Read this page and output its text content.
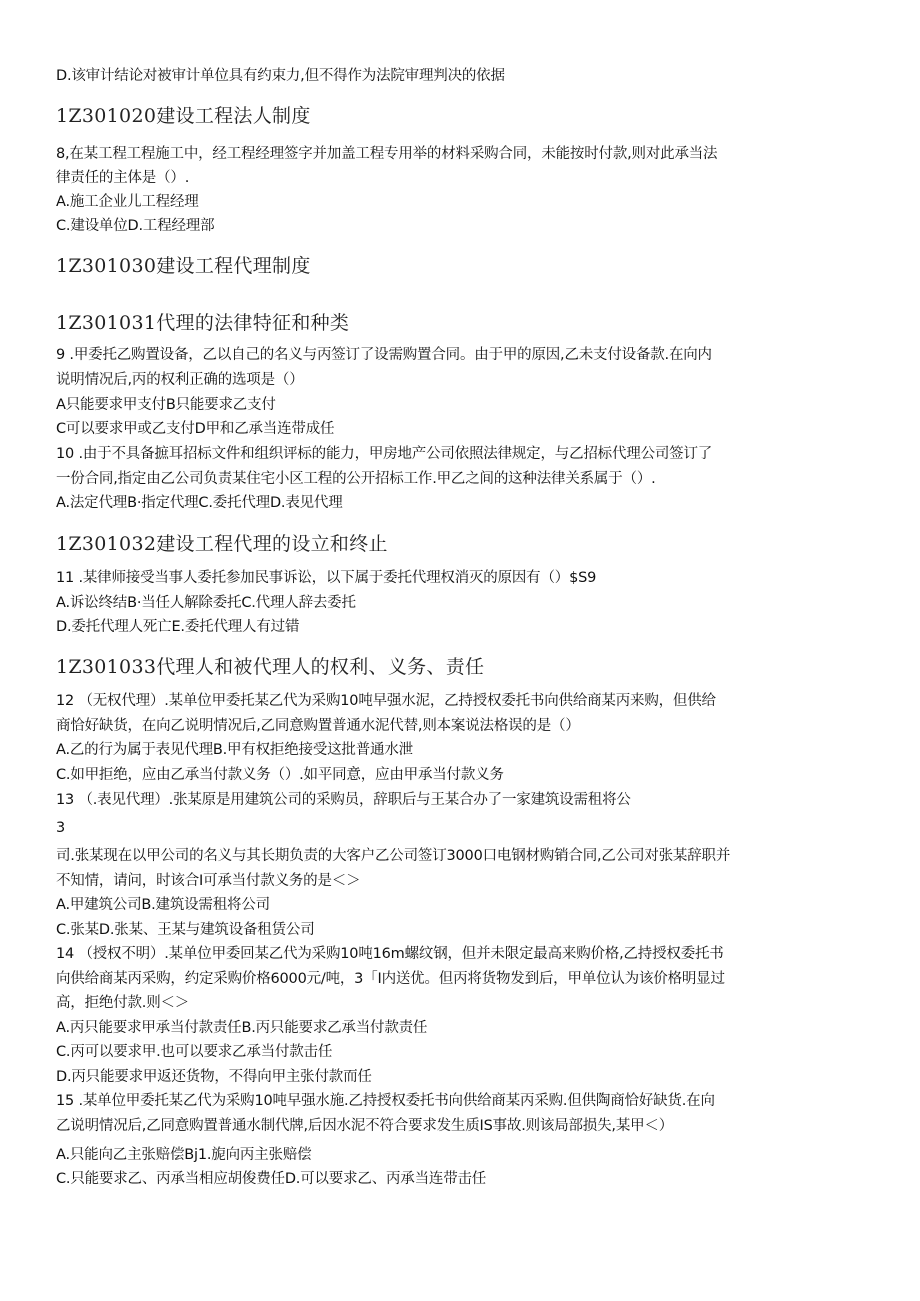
D.该审计结论对被审计单位具有约束力,但不得作为法院审理判决的依据
1Z301020建设工程法人制度
8,在某工程工程施工中，经工程经理签字并加盖工程专用举的材料采购合同，未能按时付款,则对此承当法
律责任的主体是（）.
A.施工企业儿工程经理
C.建设单位D.工程经理部
1Z301030建设工程代理制度
1Z301031代理的法律特征和种类
9 .甲委托乙购置设备，乙以自己的名义与丙签订了设需购置合同。由于甲的原因,乙未支付设备款.在向内
说明情况后,丙的权利正确的选项是（）
A只能要求甲支付B只能要求乙支付
C可以要求甲或乙支付D甲和乙承当连带成任
10 .由于不具备摭耳招标文件和组织评标的能力，甲房地产公司依照法律规定，与乙招标代理公司签订了
一份合同,指定由乙公司负责某住宅小区工程的公开招标工作.甲乙之间的这种法律关系属于（）.
A.法定代理B·指定代理C.委托代理D.表见代理
1Z301032建设工程代理的设立和终止
11 .某律师接受当事人委托参加民事诉讼，以下属于委托代理权消灭的原因有（）$S9
A.诉讼终结B·当任人解除委托C.代理人辞去委托
D.委托代理人死亡E.委托代理人有过错
1Z301033代理人和被代理人的权利、义务、责任
12 （无权代理）.某单位甲委托某乙代为采购10吨早强水泥，乙持授权委托书向供给商某丙来购，但供给
商恰好缺货，在向乙说明情况后,乙同意购置普通水泥代替,则本案说法格误的是（）
A.乙的行为属于表见代理B.甲有权拒绝接受这批普通水泄
C.如甲拒绝，应由乙承当付款义务（）.如平同意，应由甲承当付款义务
13 （.表见代理）.张某原是用建筑公司的采购员，辞职后与王某合办了一家建筑设需租将公
3
司.张某现在以甲公司的名义与其长期负责的大客户乙公司签订3000口电钢材购销合同,乙公司对张某辞职并
不知情，请问，时该合I可承当付款义务的是＜＞
A.甲建筑公司B.建筑设需租将公司
C.张某D.张某、王某与建筑设备租赁公司
14 （授权不明）.某单位甲委回某乙代为采购10吨16m螺纹钢，但并未限定最高来购价格,乙持授权委托书
向供给商某丙采购，约定采购价格6000元/吨，3「I内送优。但丙将货物发到后，甲单位认为该价格明显过
高，拒绝付款.则＜＞
A.丙只能要求甲承当付款责任B.丙只能要求乙承当付款责任
C.丙可以要求甲.也可以要求乙承当付款击任
D.丙只能要求甲返还货物，不得向甲主张付款而任
15 .某单位甲委托某乙代为采购10吨早强水施.乙持授权委托书向供给商某丙采购.但供陶商恰好缺货.在向
乙说明情况后,乙同意购置普通水制代牌,后因水泥不符合要求发生质IS事故.则该局部损失,某甲＜）
A.只能向乙主张赔偿Bj1.旎向丙主张赔偿
C.只能要求乙、丙承当相应胡俊费任D.可以要求乙、丙承当连带击任
